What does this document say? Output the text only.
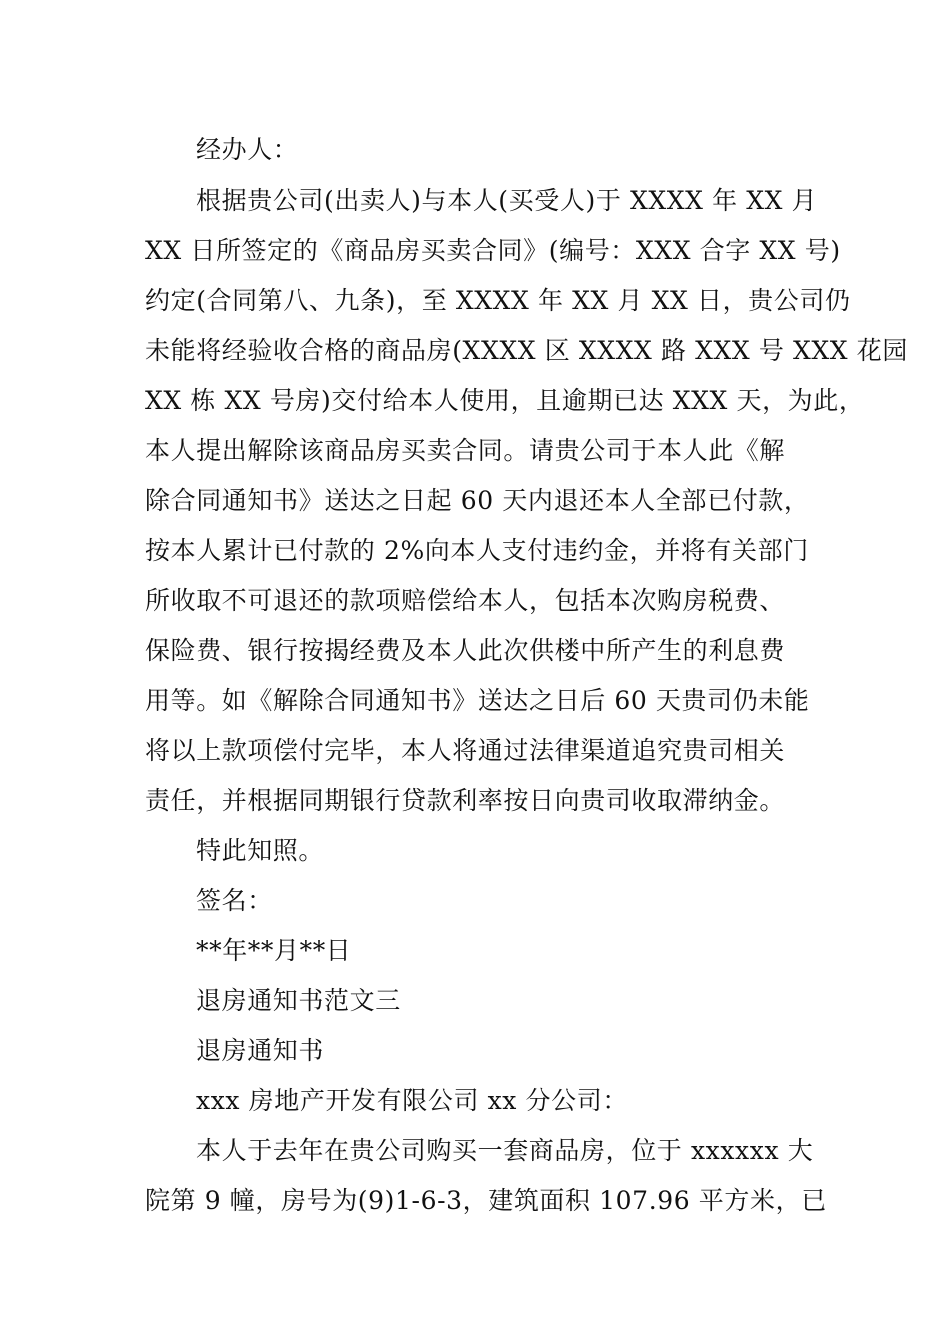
经办人：
根据贵公司(出卖人)与本人(买受人)于 XXXX 年 XX 月
XX 日所签定的《商品房买卖合同》(编号：XXX 合字 XX 号)
约定(合同第八、九条)，至 XXXX 年 XX 月 XX 日，贵公司仍
未能将经验收合格的商品房(XXXX 区 XXXX 路 XXX 号 XXX 花园
XX 栋 XX 号房)交付给本人使用，且逾期已达 XXX 天，为此，
本人提出解除该商品房买卖合同。请贵公司于本人此《解
除合同通知书》送达之日起 60 天内退还本人全部已付款，
按本人累计已付款的 2%向本人支付违约金，并将有关部门
所收取不可退还的款项赔偿给本人，包括本次购房税费、
保险费、银行按揭经费及本人此次供楼中所产生的利息费
用等。如《解除合同通知书》送达之日后 60 天贵司仍未能
将以上款项偿付完毕，本人将通过法律渠道追究贵司相关
责任，并根据同期银行贷款利率按日向贵司收取滞纳金。
特此知照。
签名：
**年**月**日
退房通知书范文三
退房通知书
xxx 房地产开发有限公司 xx 分公司：
本人于去年在贵公司购买一套商品房，位于 xxxxxx 大
院第 9 幢，房号为(9)1-6-3，建筑面积 107.96 平方米，已
